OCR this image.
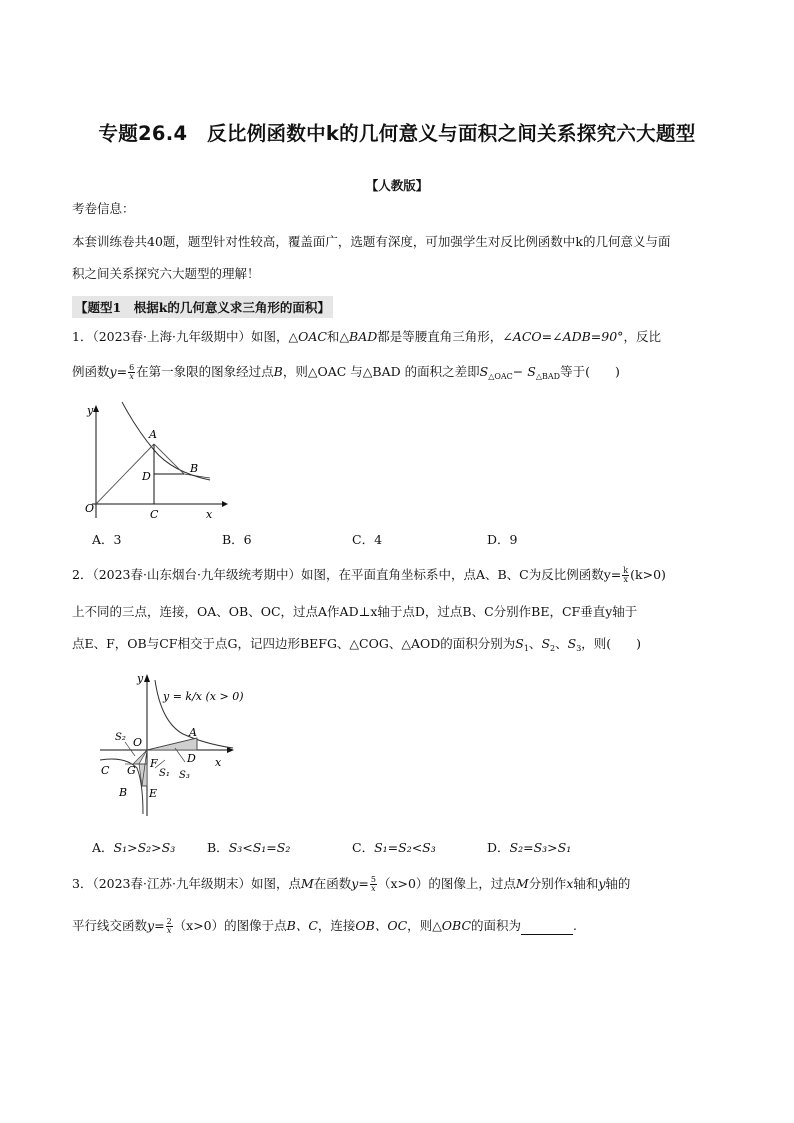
专题26.4　反比例函数中k的几何意义与面积之间关系探究六大题型
【人教版】
考卷信息：
本套训练卷共40题，题型针对性较高，覆盖面广，选题有深度，可加强学生对反比例函数中k的几何意义与面
积之间关系探究六大题型的理解！
【题型1　根据k的几何意义求三角形的面积】
1．（2023春·上海·九年级期中）如图，△OAC和△BAD都是等腰直角三角形，∠ACO=∠ADB=90°，反比
例函数$y= \frac{6}{x}$ 在第一象限的图象经过点B，则△OAC 与△BAD 的面积之差即$S_{\triangle OAC}- S_{\triangle BAD}$等于(　　)
y
x
O
A
B
C
D
A．3	B．6	C．4	D．9
2．（2023春·山东烟台·九年级统考期中）如图，在平面直角坐标系中，点A、B、C为反比例函数$y= \frac{k}{x} (k>0)$
上不同的三点，连接，OA、OB、OC，过点A作AD⊥x轴于点D，过点B、C分别作BE，CF垂直y轴于
点E、F，OB与CF相交于点G，记四边形BEFG、△COG、△AOD的面积分别为$S_1$、$S_2$、$S_3$，则(　　)
y
x
O
A
B
C
D
E
F
G S₁
S₂
S₃
y = k/x (x > 0)
A．S₁>S₂>S₃	B．S₃<S₁=S₂	C．S₁=S₂<S₃	D．S₂=S₃>S₁
3．（2023春·江苏·九年级期末）如图，点M在函数$y= \frac{5}{x} (x>0)$的图像上，过点M分别作x轴和y轴的
平行线交函数$y= \frac{2}{x} (x>0)$的图像于点B、C，连接OB、OC，则△OBC的面积为	.
